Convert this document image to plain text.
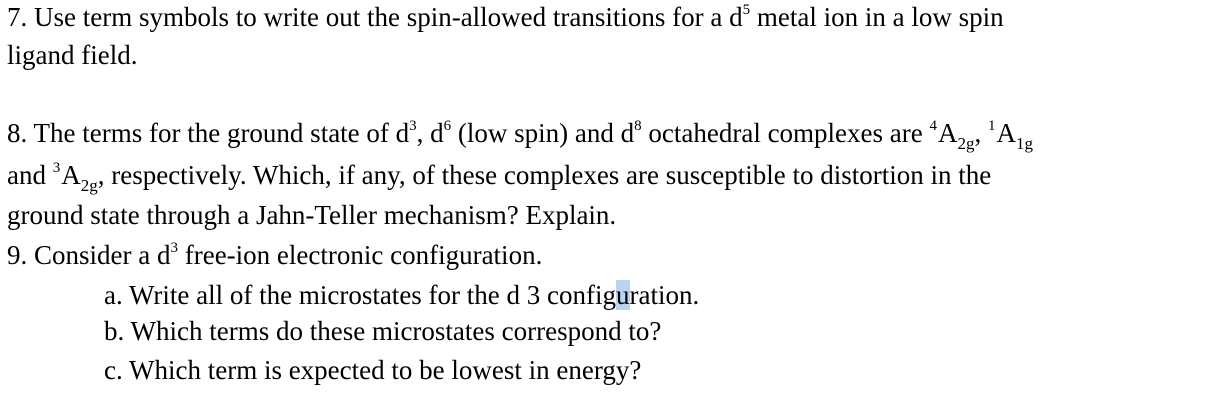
7. Use term symbols to write out the spin-allowed transitions for a $d^5$ metal ion in a low spin
ligand field.
8. The terms for the ground state of $d^3$, $d^6$ (low spin) and $d^8$ octahedral complexes are $^4A_{2g}$, $^1A_{1g}$
and $^3A_{2g}$, respectively. Which, if any, of these complexes are susceptible to distortion in the
ground state through a Jahn-Teller mechanism? Explain.
9. Consider a $d^3$ free-ion electronic configuration.
a. Write all of the microstates for the d 3 configuration.
b. Which terms do these microstates correspond to?
c. Which term is expected to be lowest in energy?
